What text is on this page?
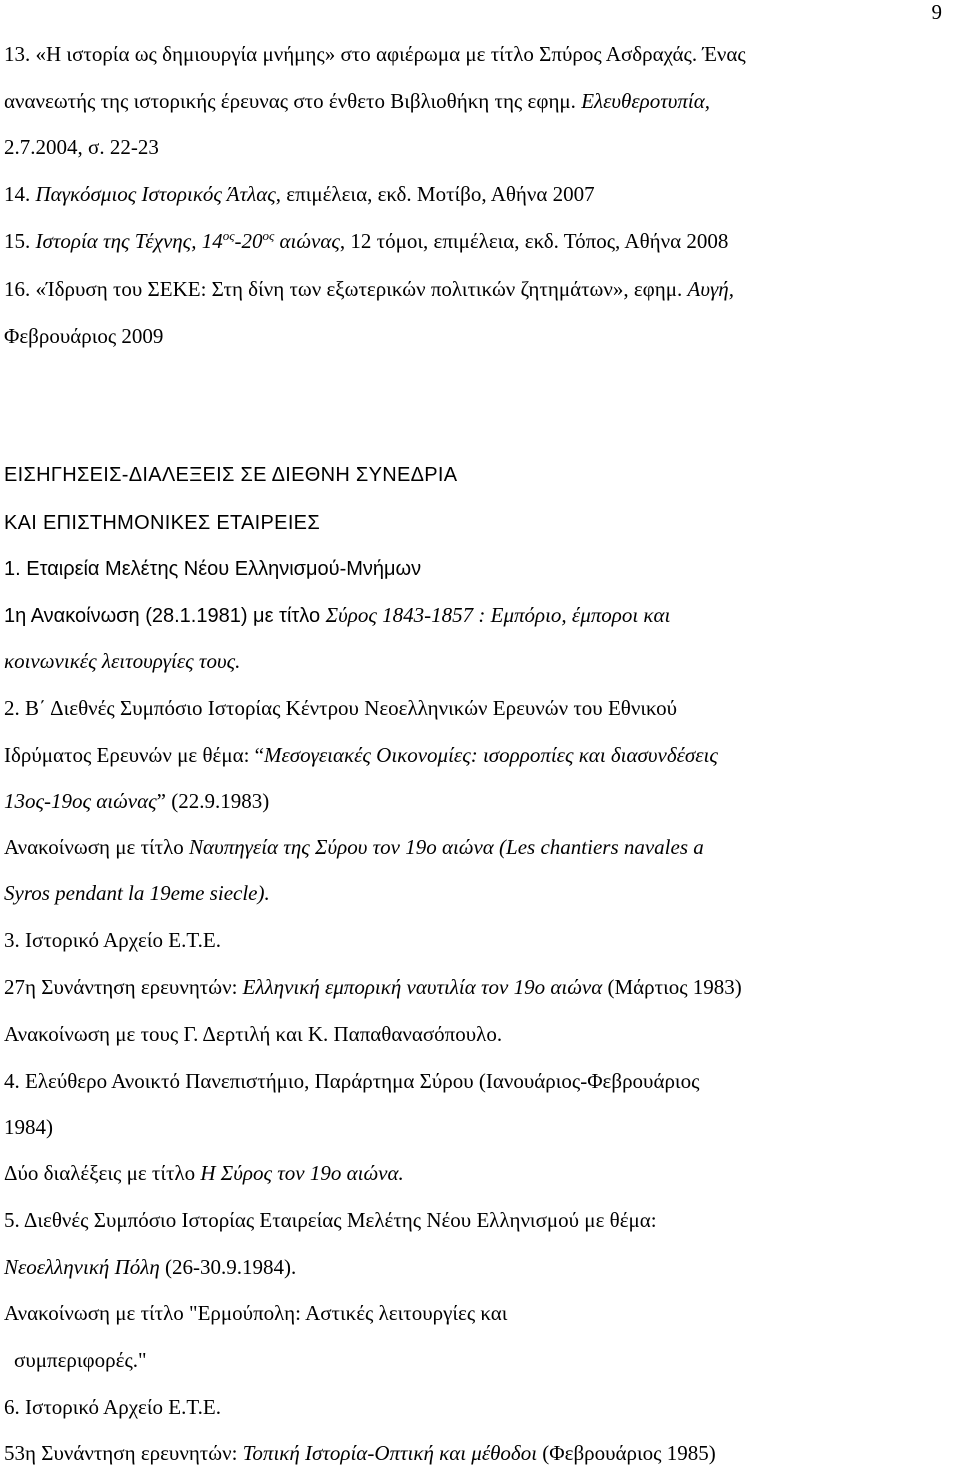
9
13. «Η ιστορία ως δημιουργία μνήμης» στο αφιέρωμα με τίτλο Σπύρος Ασδραχάς. Ένας
ανανεωτής της ιστορικής έρευνας στο ένθετο Βιβλιοθήκη της εφημ. Ελευθεροτυπία,
2.7.2004, σ. 22-23
14. Παγκόσμιος Ιστορικός Άτλας, επιμέλεια, εκδ. Μοτίβο, Αθήνα 2007
15. Ιστορία της Τέχνης, $14^{o\varsigma}-20^{o\varsigma}$ αιώνας, 12 τόμοι, επιμέλεια, εκδ. Τόπος, Αθήνα 2008
16. «Ίδρυση του ΣΕΚΕ: Στη δίνη των εξωτερικών πολιτικών ζητημάτων», εφημ. Αυγή,
Φεβρουάριος 2009
ΕΙΣΗΓΗΣΕΙΣ-ΔΙΑΛΕΞΕΙΣ ΣΕ ΔΙΕΘΝΗ ΣΥΝΕΔΡΙΑ
ΚΑΙ ΕΠΙΣΤΗΜΟΝΙΚΕΣ ΕΤΑΙΡΕΙΕΣ
1. Εταιρεία Μελέτης Νέου Ελληνισμού-Μνήμων
1η Ανακοίνωση (28.1.1981) με τίτλο Σύρος 1843-1857 : Εμπόριο, έμποροι και
κοινωνικές λειτουργίες τους.
2. Β΄ Διεθνές Συμπόσιο Ιστορίας Κέντρου Νεοελληνικών Ερευνών του Εθνικού
Ιδρύματος Ερευνών με θέμα: “Μεσογειακές Οικονομίες: ισορροπίες και διασυνδέσεις
13ος-19ος αιώνας” (22.9.1983)
Ανακοίνωση με τίτλο Ναυπηγεία της Σύρου τον 19ο αιώνα (Les chantiers navales a
Syros pendant la 19eme siecle).
3. Ιστορικό Αρχείο Ε.Τ.Ε.
27η Συνάντηση ερευνητών: Ελληνική εμπορική ναυτιλία τον 19ο αιώνα (Μάρτιος 1983)
Ανακοίνωση με τους Γ. Δερτιλή και Κ. Παπαθανασόπουλο.
4. Ελεύθερο Ανοικτό Πανεπιστήμιο, Παράρτημα Σύρου (Ιανουάριος-Φεβρουάριος
1984)
Δύο διαλέξεις με τίτλο Η Σύρος τον 19ο αιώνα.
5. Διεθνές Συμπόσιο Ιστορίας Εταιρείας Μελέτης Νέου Ελληνισμού με θέμα:
Νεοελληνική Πόλη (26-30.9.1984).
Ανακοίνωση με τίτλο "Ερμούπολη: Αστικές λειτουργίες και
συμπεριφορές."
6. Ιστορικό Αρχείο Ε.Τ.Ε.
53η Συνάντηση ερευνητών: Τοπική Ιστορία-Οπτική και μέθοδοι (Φεβρουάριος 1985)
